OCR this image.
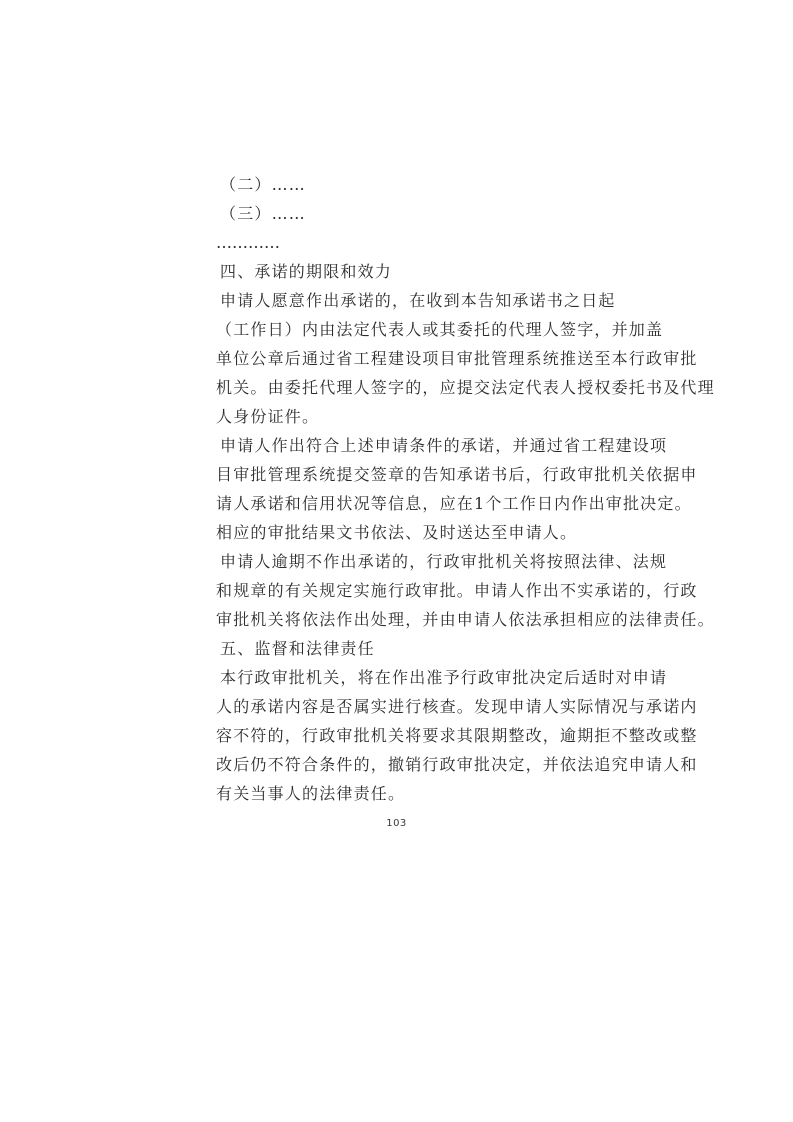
（二）……
（三）……
…………
四、承诺的期限和效力
申请人愿意作出承诺的，在收到本告知承诺书之日起
（工作日）内由法定代表人或其委托的代理人签字，并加盖
单位公章后通过省工程建设项目审批管理系统推送至本行政审批
机关。由委托代理人签字的，应提交法定代表人授权委托书及代理
人身份证件。
申请人作出符合上述申请条件的承诺，并通过省工程建设项
目审批管理系统提交签章的告知承诺书后，行政审批机关依据申
请人承诺和信用状况等信息，应在1个工作日内作出审批决定。
相应的审批结果文书依法、及时送达至申请人。
申请人逾期不作出承诺的，行政审批机关将按照法律、法规
和规章的有关规定实施行政审批。申请人作出不实承诺的，行政
审批机关将依法作出处理，并由申请人依法承担相应的法律责任。
五、监督和法律责任
本行政审批机关，将在作出准予行政审批决定后适时对申请
人的承诺内容是否属实进行核查。发现申请人实际情况与承诺内
容不符的，行政审批机关将要求其限期整改，逾期拒不整改或整
改后仍不符合条件的，撤销行政审批决定，并依法追究申请人和
有关当事人的法律责任。
103
